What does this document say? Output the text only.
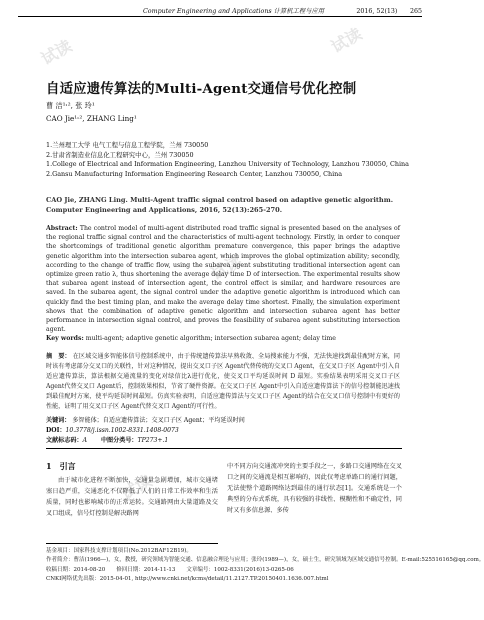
试读
试读
试读
试读
Computer Engineering and Applications 计算机工程与应用	2016, 52(13)　　265
自适应遗传算法的Multi-Agent交通信号优化控制
曹 洁¹˒², 张 玲¹
CAO Jie¹˒², ZHANG Ling¹
1.兰州理工大学 电气工程与信息工程学院，兰州 730050
2.甘肃省制造业信息化工程研究中心，兰州 730050
1.College of Electrical and Information Engineering, Lanzhou University of Technology, Lanzhou 730050, China
2.Gansu Manufacturing Information Engineering Research Center, Lanzhou 730050, China
CAO Jie, ZHANG Ling. Multi-Agent traffic signal control based on adaptive genetic algorithm. Computer Engineering and Applications, 2016, 52(13):265-270.
Abstract: The control model of multi-agent distributed road traffic signal is presented based on the analyses of the regional traffic signal control and the characteristics of multi-agent technology. Firstly, in order to conquer the shortcomings of traditional genetic algorithm premature convergence, this paper brings the adaptive genetic algorithm into the intersection subarea agent, which improves the global optimization ability; secondly, according to the change of traffic flow, using the subarea agent substituting traditional intersection agent can optimize green ratio λ, thus shortening the average delay time D of intersection. The experimental results show that subarea agent instead of intersection agent, the control effect is similar, and hardware resources are saved. In the subarea agent, the signal control under the adaptive genetic algorithm is introduced which can quickly find the best timing plan, and make the average delay time shortest. Finally, the simulation experiment shows that the combination of adaptive genetic algorithm and intersection subarea agent has better performance in intersection signal control, and proves the feasibility of subarea agent substituting intersection agent.
Key words: multi-agent; adaptive genetic algorithm; intersection subarea agent; delay time
摘　要： 在区域交通多智能体信号控制系统中，由于传统遗传算法早熟收敛、全局搜索能力不强，无法快速找到最佳配时方案，同时该有考虑部分交叉口的关联性，针对这种情况，提出交叉口子区 Agent代替传统的交叉口 Agent，在交叉口子区 Agent中引入自适应遗传算法，算法根据交通流量的变化对绿信比λ进行优化，使交叉口平均延误时间 D 最短。实验结果表明采用交叉口子区 Agent代替交叉口 Agent后，控制效果相似，节省了硬件资源。在交叉口子区 Agent中引入自适应遗传算法下的信号控制能迅速找到最佳配时方案，使平均延误时间最短。仿真实验表明，自适应遗传算法与交叉口子区 Agent的结合在交叉口信号控制中有更好的性能，证明了用交叉口子区 Agent代替交叉口 Agent的可行性。
关键词： 多智能体；自适应遗传算法；交叉口子区 Agent；平均延误时间
DOI：10.3778/j.issn.1002-8331.1408-0073
文献标志码：A 中图分类号：TP273+.1
1　引言
由于城市化进程不断加快，交通量急剧增加，城市交通堵塞日趋严重，交通恶化不仅降低了人们的日常工作效率和生活质量，同时也影响城市的正常运转。交通路网由大量道路及交叉口组成，信号灯控制是解决路网
中不同方向交通流冲突的主要手段之一，多路口交通网络在交叉口之间的交通流是相互影响的，因此仅考虑单路口的通行问题，无法使整个道路网络达到最佳的通行状态[1]。交通系统是一个典型的分布式系统，具有较强的非线性、模糊性和不确定性，同时又有多信息源、多传
基金项目：国家科技支撑计划项目(No.2012BAF12B19)。
作者简介：曹洁(1966—)，女，教授，研究领域为智能交通、信息融合理论与应用；张玲(1989—)，女，硕士生，研究领域为区域交通信号控制。E-mail:525516165@qq.com。
收稿日期：2014-08-20　　修回日期：2014-11-13　　文章编号：1002-8331(2016)13-0265-06
CNKI网络优先出版：2015-04-01, http://www.cnki.net/kcms/detail/11.2127.TP.20150401.1636.007.html
